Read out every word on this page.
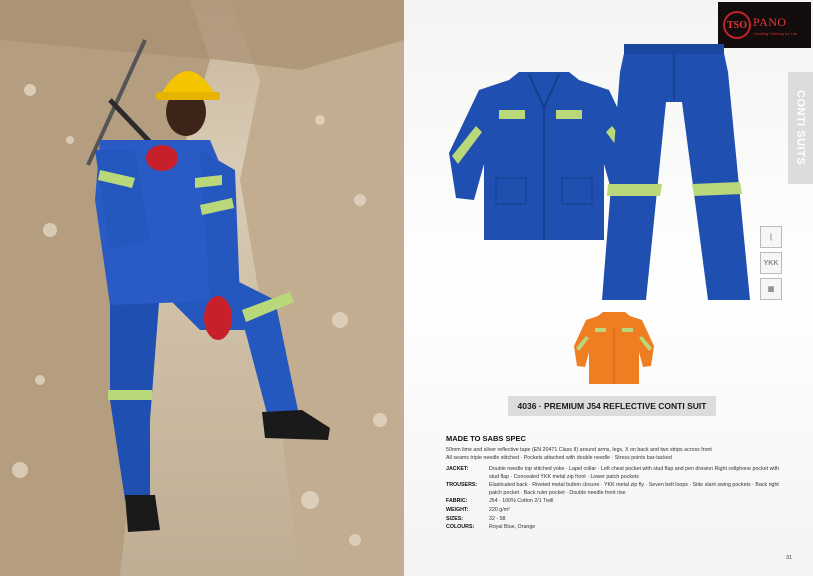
TSO PANO
Creating Clothing for Life
CONTI SUITS
|
YKK
▦
4036 · PREMIUM J54 REFLECTIVE CONTI SUIT
MADE TO SABS SPEC
50mm lime and silver reflective tape (EN 20471 Class II) around arms, legs, X on back and two strips across front
All seams triple needle stitched · Pockets attached with double needle · Stress points bar-tacked
JACKET:	Double needle top stitched yoke · Lapel collar · Left chest pocket with stud flap and pen division Right cellphone pocket with stud flap · Concealed YKK metal zip front · Lower patch pockets
TROUSERS:	Elasticated back · Riveted metal button closure · YKK metal zip fly · Seven belt loops · Side slant swing pockets · Back right patch pocket · Back ruler pocket · Double needle front rise
FABRIC:	J54 · 100% Cotton 2/1 Twill
WEIGHT:	220 g/m²
SIZES:	32 - 58
COLOURS:	Royal Blue, Orange
31
